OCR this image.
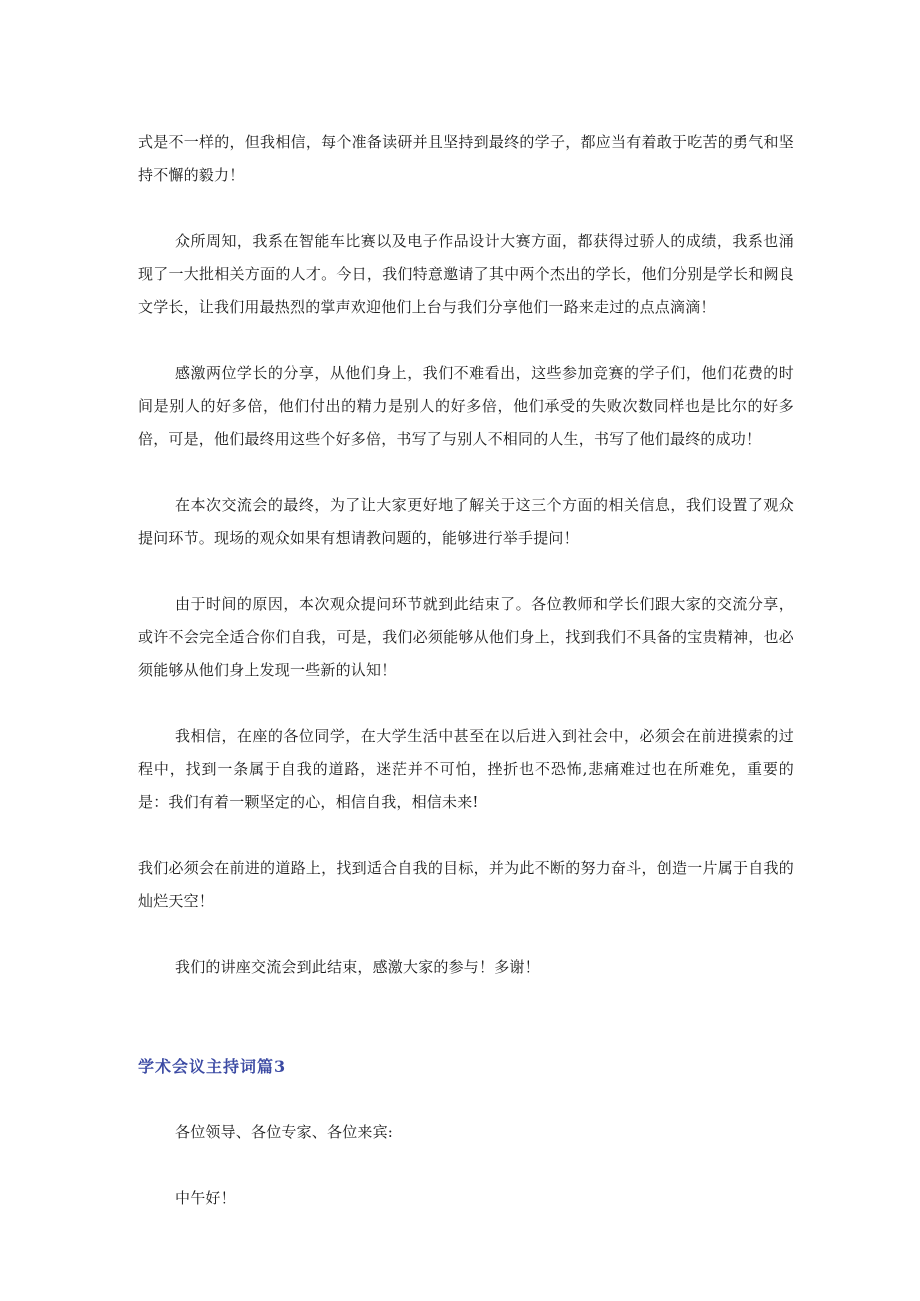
式是不一样的，但我相信，每个准备读研并且坚持到最终的学子，都应当有着敢于吃苦的勇气和坚持不懈的毅力！

众所周知，我系在智能车比赛以及电子作品设计大赛方面，都获得过骄人的成绩，我系也涌现了一大批相关方面的人才。今日，我们特意邀请了其中两个杰出的学长，他们分别是学长和阙良文学长，让我们用最热烈的掌声欢迎他们上台与我们分享他们一路来走过的点点滴滴！

感激两位学长的分享，从他们身上，我们不难看出，这些参加竞赛的学子们，他们花费的时间是别人的好多倍，他们付出的精力是别人的好多倍，他们承受的失败次数同样也是比尔的好多倍，可是，他们最终用这些个好多倍，书写了与别人不相同的人生，书写了他们最终的成功！

在本次交流会的最终，为了让大家更好地了解关于这三个方面的相关信息，我们设置了观众提问环节。现场的观众如果有想请教问题的，能够进行举手提问！

由于时间的原因，本次观众提问环节就到此结束了。各位教师和学长们跟大家的交流分享，或许不会完全适合你们自我，可是，我们必须能够从他们身上，找到我们不具备的宝贵精神，也必须能够从他们身上发现一些新的认知！

我相信，在座的各位同学，在大学生活中甚至在以后进入到社会中，必须会在前进摸索的过程中，找到一条属于自我的道路，迷茫并不可怕，挫折也不恐怖,悲痛难过也在所难免，重要的是：我们有着一颗坚定的心，相信自我，相信未来!

我们必须会在前进的道路上，找到适合自我的目标，并为此不断的努力奋斗，创造一片属于自我的灿烂天空！

我们的讲座交流会到此结束，感激大家的参与！多谢！

学术会议主持词篇3

各位领导、各位专家、各位来宾:

中午好！
